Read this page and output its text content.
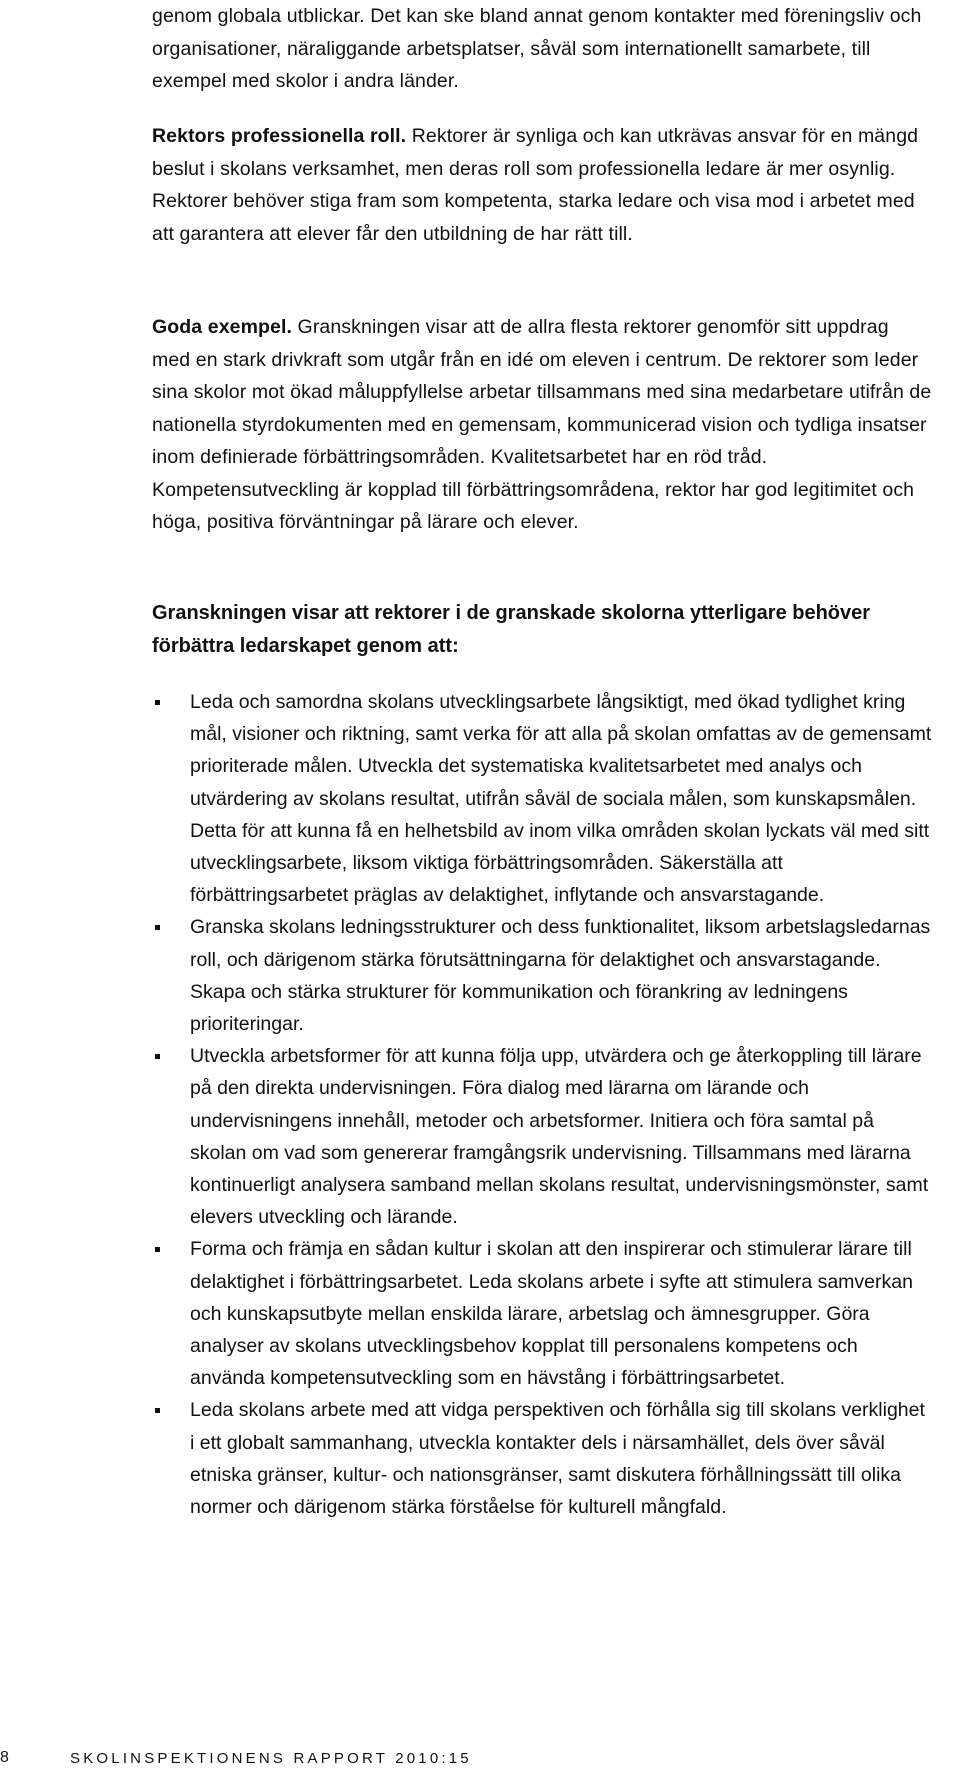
genom globala utblickar. Det kan ske bland annat genom kontakter med föreningsliv och organisationer, näraliggande arbetsplatser, såväl som internationellt samarbete, till exempel med skolor i andra länder.

Rektors professionella roll. Rektorer är synliga och kan utkrävas ansvar för en mängd beslut i skolans verksamhet, men deras roll som professionella ledare är mer osynlig. Rektorer behöver stiga fram som kompetenta, starka ledare och visa mod i arbetet med att garantera att elever får den utbildning de har rätt till.

Goda exempel. Granskningen visar att de allra flesta rektorer genomför sitt uppdrag med en stark drivkraft som utgår från en idé om eleven i centrum. De rektorer som leder sina skolor mot ökad måluppfyllelse arbetar tillsammans med sina medarbetare utifrån de nationella styrdokumenten med en gemensam, kommunicerad vision och tydliga insatser inom definierade förbättringsområden. Kvalitetsarbetet har en röd tråd. Kompetensutveckling är kopplad till förbättringsområdena, rektor har god legitimitet och höga, positiva förväntningar på lärare och elever.

Granskningen visar att rektorer i de granskade skolorna ytterligare behöver förbättra ledarskapet genom att:
Leda och samordna skolans utvecklingsarbete långsiktigt, med ökad tydlighet kring mål, visioner och riktning, samt verka för att alla på skolan omfattas av de gemensamt prioriterade målen. Utveckla det systematiska kvalitetsarbetet med analys och utvärdering av skolans resultat, utifrån såväl de sociala målen, som kunskapsmålen. Detta för att kunna få en helhetsbild av inom vilka områden skolan lyckats väl med sitt utvecklingsarbete, liksom viktiga förbättringsområden. Säkerställa att förbättringsarbetet präglas av delaktighet, inflytande och ansvarstagande.
Granska skolans ledningsstrukturer och dess funktionalitet, liksom arbetslagsledarnas roll, och därigenom stärka förutsättningarna för delaktighet och ansvarstagande. Skapa och stärka strukturer för kommunikation och förankring av ledningens prioriteringar.
Utveckla arbetsformer för att kunna följa upp, utvärdera och ge återkoppling till lärare på den direkta undervisningen. Föra dialog med lärarna om lärande och undervisningens innehåll, metoder och arbetsformer. Initiera och föra samtal på skolan om vad som genererar framgångsrik undervisning. Tillsammans med lärarna kontinuerligt analysera samband mellan skolans resultat, undervisningsmönster, samt elevers utveckling och lärande.
Forma och främja en sådan kultur i skolan att den inspirerar och stimulerar lärare till delaktighet i förbättringsarbetet. Leda skolans arbete i syfte att stimulera samverkan och kunskapsutbyte mellan enskilda lärare, arbetslag och ämnesgrupper. Göra analyser av skolans utvecklingsbehov kopplat till personalens kompetens och använda kompetensutveckling som en hävstång i förbättringsarbetet.
Leda skolans arbete med att vidga perspektiven och förhålla sig till skolans verklighet i ett globalt sammanhang, utveckla kontakter dels i närsamhället, dels över såväl etniska gränser, kultur- och nationsgränser, samt diskutera förhållningssätt till olika normer och därigenom stärka förståelse för kulturell mångfald.
8	SKOLINSPEKTIONENS RAPPORT 2010:15
